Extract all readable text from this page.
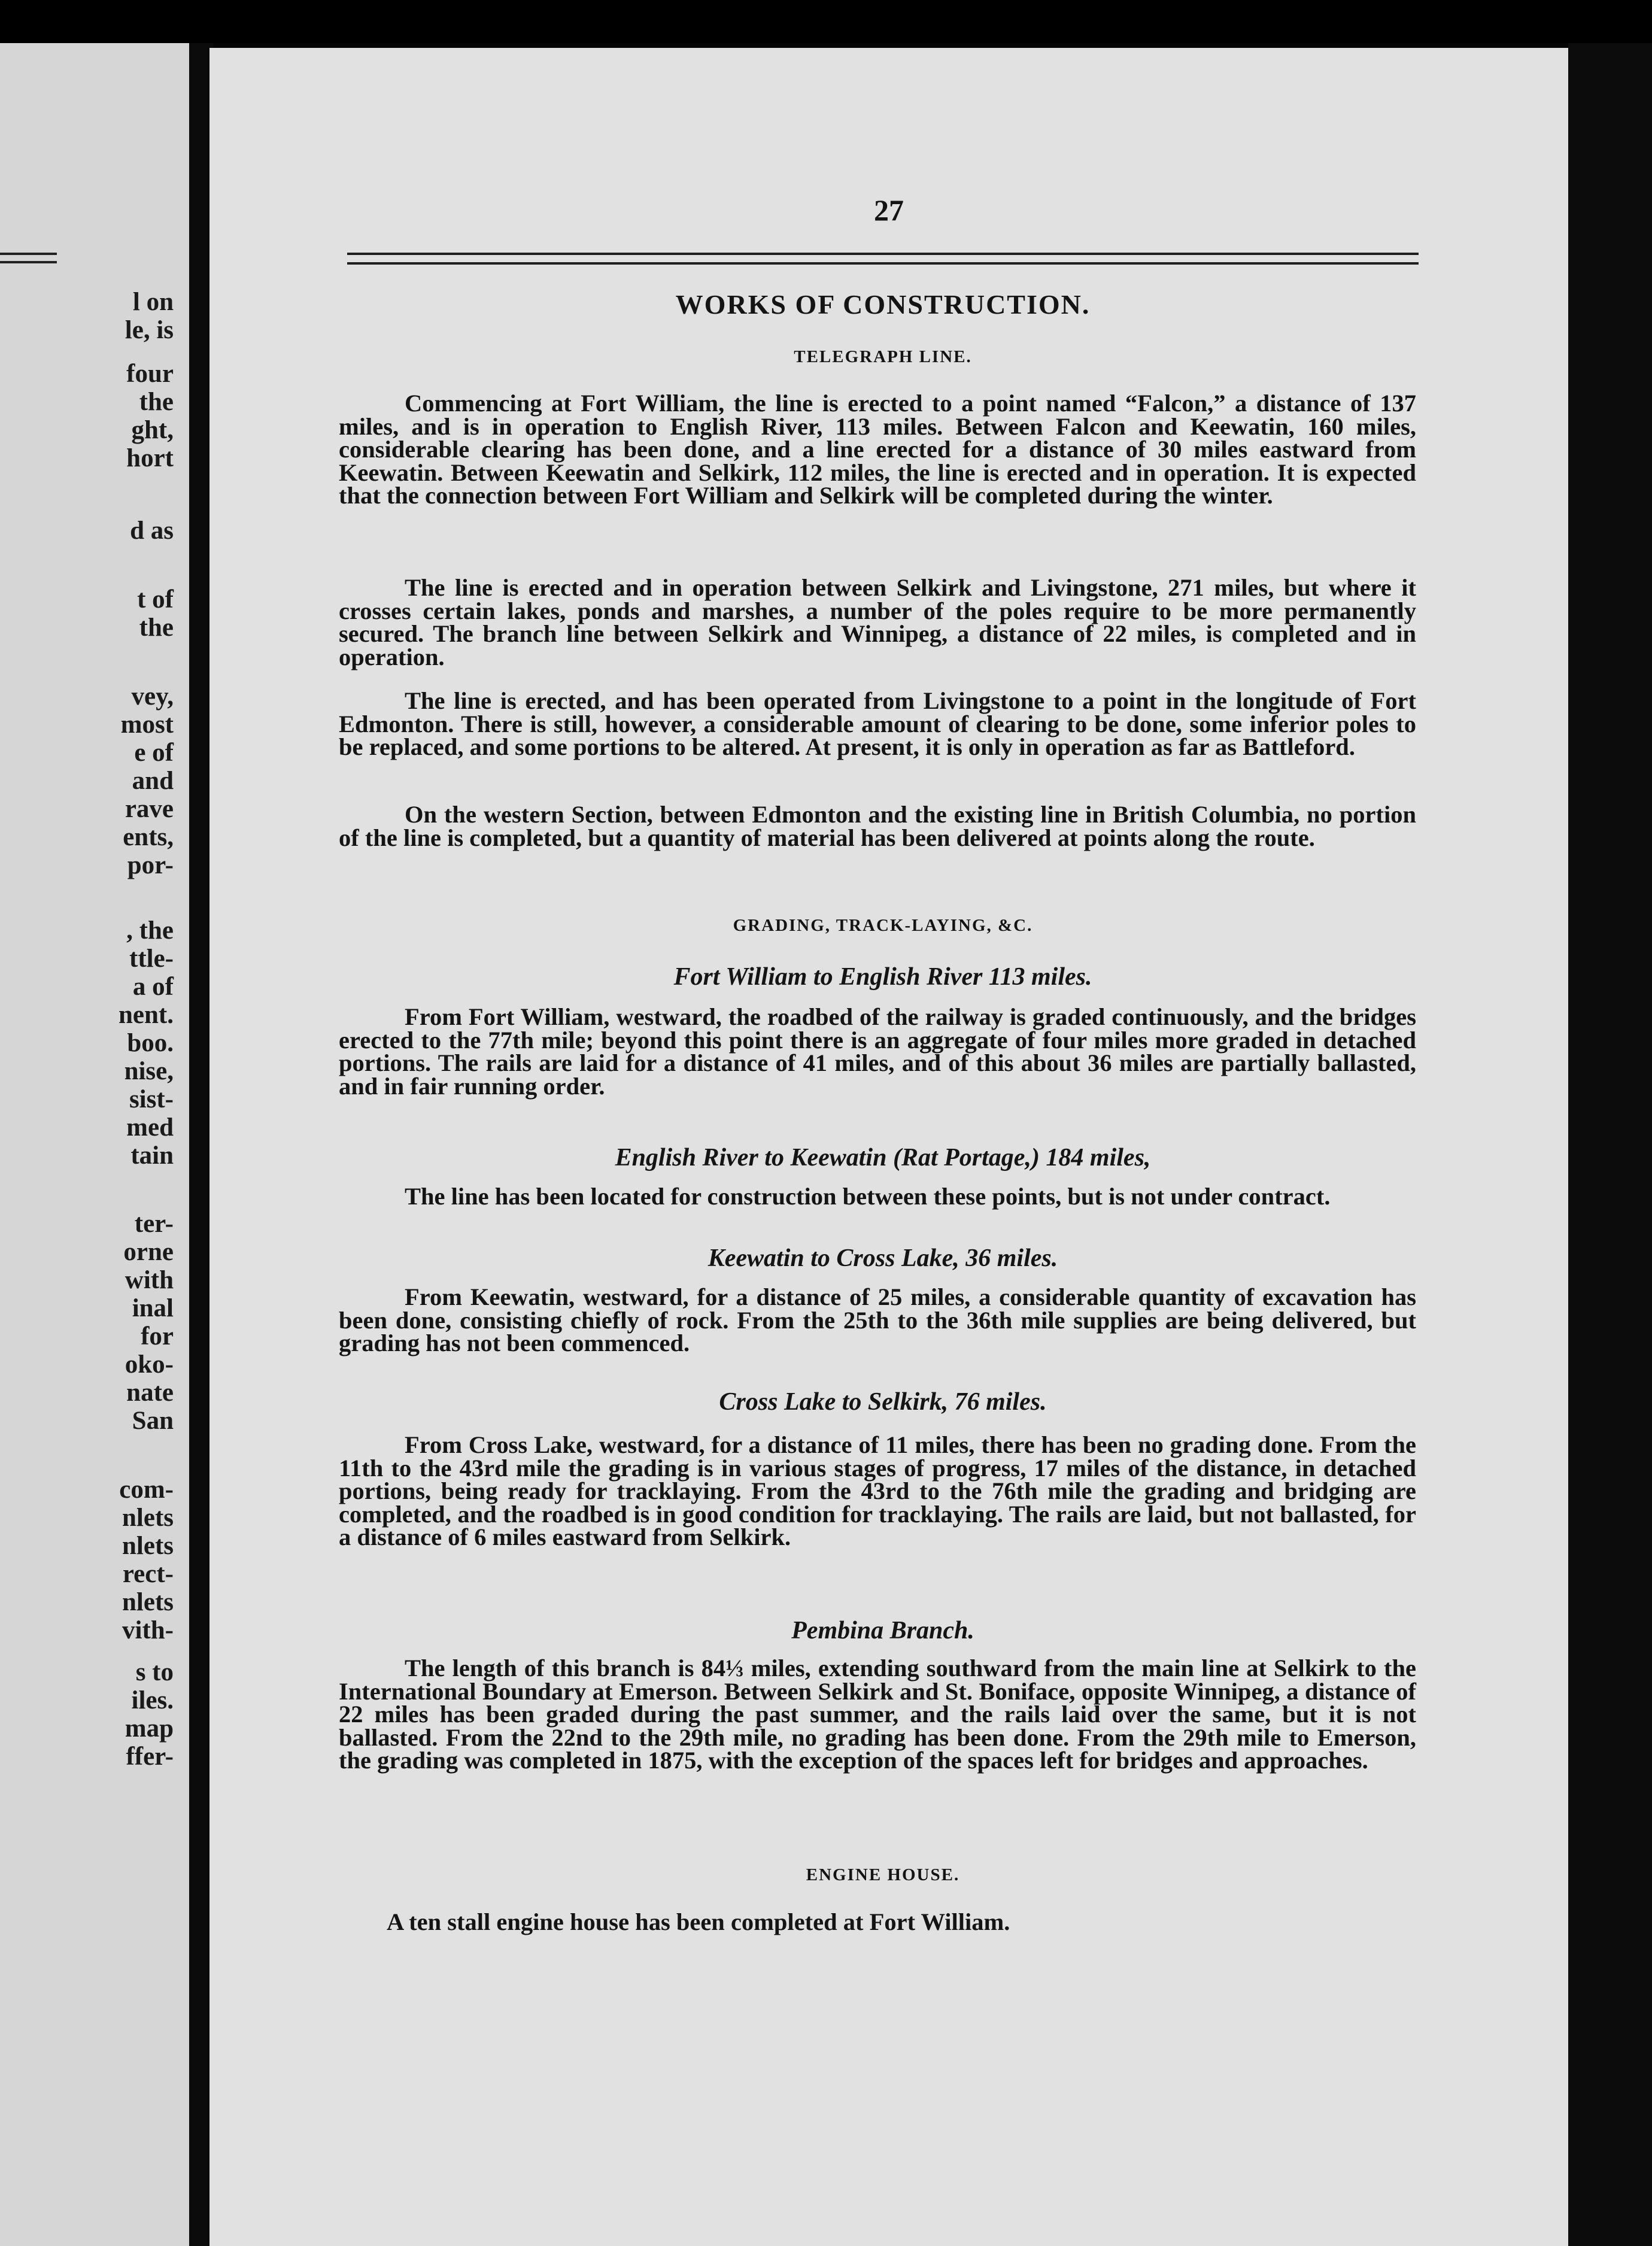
l on
le, is
four
the
ght,
hort
d as
t of
the
vey,
most
e of
and
rave
ents,
por-
, the
ttle-
a of
nent.
boo.
nise,
sist-
med
tain
ter-
orne
with
inal
for
oko-
nate
San
com-
nlets
nlets
rect-
nlets
vith-
s to
iles.
map
ffer-
27
WORKS OF CONSTRUCTION.
TELEGRAPH LINE.

Commencing at Fort William, the line is erected to a point named “Falcon,” a distance of 137 miles, and is in operation to English River, 113 miles. Between Falcon and Keewatin, 160 miles, considerable clearing has been done, and a line erected for a distance of 30 miles eastward from Keewatin. Between Keewatin and Selkirk, 112 miles, the line is erected and in operation. It is expected that the connection between Fort William and Selkirk will be completed during the winter.

The line is erected and in operation between Selkirk and Livingstone, 271 miles, but where it crosses certain lakes, ponds and marshes, a number of the poles require to be more permanently secured. The branch line between Selkirk and Winnipeg, a distance of 22 miles, is completed and in operation.

The line is erected, and has been operated from Livingstone to a point in the longitude of Fort Edmonton. There is still, however, a considerable amount of clearing to be done, some inferior poles to be replaced, and some portions to be altered. At present, it is only in operation as far as Battleford.

On the western Section, between Edmonton and the existing line in British Columbia, no portion of the line is completed, but a quantity of material has been delivered at points along the route.

GRADING, TRACK-LAYING, &C.
Fort William to English River 113 miles.

From Fort William, westward, the roadbed of the railway is graded continuously, and the bridges erected to the 77th mile; beyond this point there is an aggregate of four miles more graded in detached portions. The rails are laid for a distance of 41 miles, and of this about 36 miles are partially ballasted, and in fair running order.

English River to Keewatin (Rat Portage,) 184 miles,

The line has been located for construction between these points, but is not under contract.

Keewatin to Cross Lake, 36 miles.

From Keewatin, westward, for a distance of 25 miles, a considerable quantity of excavation has been done, consisting chiefly of rock. From the 25th to the 36th mile supplies are being delivered, but grading has not been commenced.

Cross Lake to Selkirk, 76 miles.

From Cross Lake, westward, for a distance of 11 miles, there has been no grading done. From the 11th to the 43rd mile the grading is in various stages of progress, 17 miles of the distance, in detached portions, being ready for tracklaying. From the 43rd to the 76th mile the grading and bridging are completed, and the roadbed is in good condition for tracklaying. The rails are laid, but not ballasted, for a distance of 6 miles eastward from Selkirk.

Pembina Branch.

The length of this branch is 84⅓ miles, extending southward from the main line at Selkirk to the International Boundary at Emerson. Between Selkirk and St. Boniface, opposite Winnipeg, a distance of 22 miles has been graded during the past summer, and the rails laid over the same, but it is not ballasted. From the 22nd to the 29th mile, no grading has been done. From the 29th mile to Emerson, the grading was completed in 1875, with the exception of the spaces left for bridges and approaches.

ENGINE HOUSE.

A ten stall engine house has been completed at Fort William.
